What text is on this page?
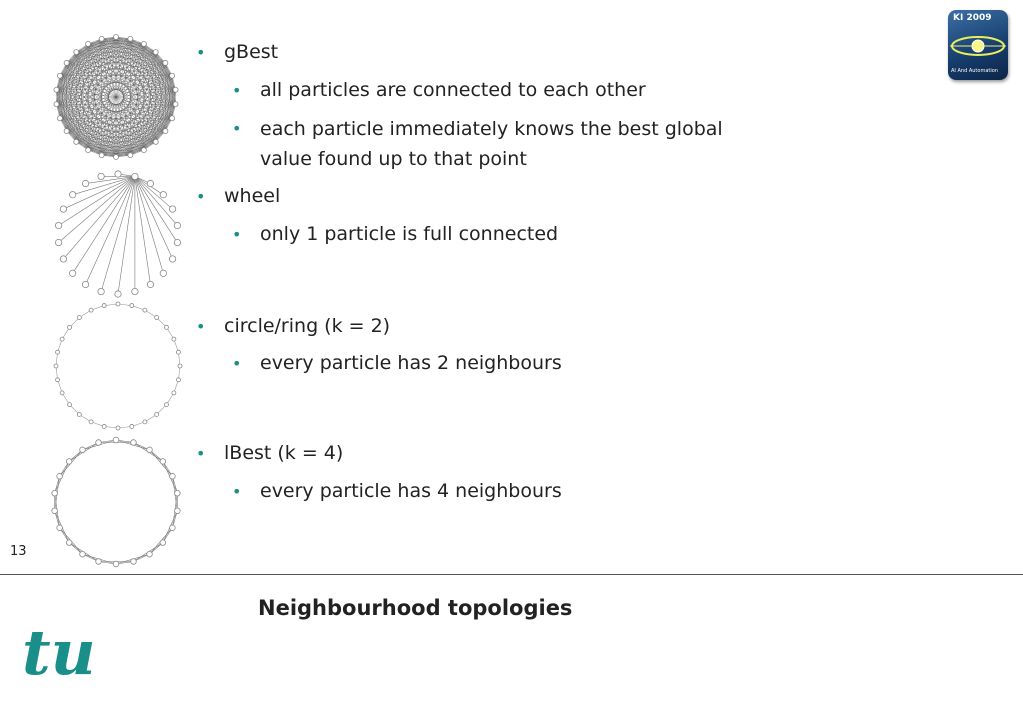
• gBest
• all particles are connected to each other
• each particle immediately knows the best global value found up to that point
• wheel
• only 1 particle is full connected
• circle/ring (k = 2)
• every particle has 2 neighbours
• lBest (k = 4)
• every particle has 4 neighbours
KI 2009
AI And Automation
13
Neighbourhood topologies
tu
